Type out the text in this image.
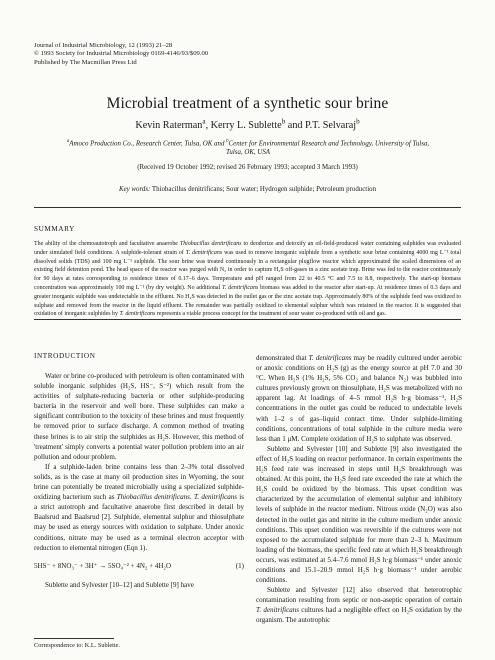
Journal of Industrial Microbiology, 12 (1993) 21–28
© 1993 Society for Industrial Microbiology 0169-4146/93/$09.00
Published by The Macmillan Press Ltd
Microbial treatment of a synthetic sour brine
Kevin Raterman$^a$, Kerry L. Sublette$^b$ and P.T. Selvaraj$^b$
$^a$Amoco Production Co., Research Center, Tulsa, OK and $^b$Center for Environmental Research and Technology, University of Tulsa,
Tulsa, OK, USA
(Received 19 October 1992; revised 26 February 1993; accepted 3 March 1993)
Key words: Thiobacillus denitrificans; Sour water; Hydrogen sulphide; Petroleum production
SUMMARY
The ability of the chemoautotroph and facultative anaerobe Thiobacillus denitrificans to deodorize and detoxify an oil-field-produced water containing sulphides was evaluated under simulated field conditions. A sulphide-tolerant strain of T. denitrificans was used to remove inorganic sulphide from a synthetic sour brine containing 4000 mg L⁻¹ total dissolved solids (TDS) and 100 mg L⁻¹ sulphide. The sour brine was treated continuously in a rectangular plugflow reactor which approximated the scaled dimensions of an existing field detention pond. The head space of the reactor was purged with N₂ in order to capture H₂S off-gases in a zinc acetate trap. Brine was fed to the reactor continuously for 90 days at rates corresponding to residence times of 0.17–6 days. Temperature and pH ranged from 22 to 40.5 °C and 7.5 to 8.8, respectively. The start-up biomass concentration was approximately 100 mg L⁻¹ (by dry weight). No additional T. denitrificans biomass was added to the reactor after start-up. At residence times of 0.3 days and greater inorganic sulphide was undetectable in the effluent. No H₂S was detected in the outlet gas or the zinc acetate trap. Approximately 80% of the sulphide feed was oxidized to sulphate and removed from the reactor in the liquid effluent. The remainder was partially oxidized to elemental sulphur which was retained in the reactor. It is suggested that oxidation of inorganic sulphides by T. denitrificans represents a viable process concept for the treatment of sour water co-produced with oil and gas.
INTRODUCTION

Water or brine co-produced with petroleum is often contaminated with soluble inorganic sulphides (H₂S, HS⁻, S⁻²) which result from the activities of sulphate-reducing bacteria or other sulphide-producing bacteria in the reservoir and well bore. These sulphides can make a significant contribution to the toxicity of these brines and must frequently be removed prior to surface discharge. A common method of treating these brines is to air strip the sulphides as H₂S. However, this method of 'treatment' simply converts a potential water pollution problem into an air pollution and odour problem.

If a sulphide-laden brine contains less than 2–3% total dissolved solids, as is the case at many oil production sites in Wyoming, the sour brine can potentially be treated microbially using a specialized sulphide-oxidizing bacterium such as Thiobacillus denitrificans. T. denitrificans is a strict autotroph and facultative anaerobe first described in detail by Baalsrud and Baalsrud [2]. Sulphide, elemental sulphur and thiosulphate may be used as energy sources with oxidation to sulphate. Under anoxic conditions, nitrate may be used as a terminal electron acceptor with reduction to elemental nitrogen (Eqn 1).

5HS⁻ + 8NO₃⁻ + 3H⁺ → 5SO₄⁻² + 4N₂ + 4H₂O	(1)

Sublette and Sylvester [10–12] and Sublette [9] have

demonstrated that T. denitrificans may be readily cultured under aerobic or anoxic conditions on H₂S (g) as the energy source at pH 7.0 and 30 °C. When H₂S (1% H₂S, 5% CO₂ and balance N₂) was bubbled into cultures previously grown on thiosulphate, H₂S was metabolized with no apparent lag. At loadings of 4–5 mmol H₂S h·g biomass⁻¹, H₂S concentrations in the outlet gas could be reduced to undectable levels with 1–2 s of gas–liquid contact time. Under sulphide-limiting conditions, concentrations of total sulphide in the culture media were less than 1 μM. Complete oxidation of H₂S to sulphate was observed.

Sublette and Sylvester [10] and Sublette [9] also investigated the effect of H₂S loading on reactor performance. In certain experiments the H₂S feed rate was increased in steps until H₂S breakthrough was obtained. At this point, the H₂S feed rate exceeded the rate at which the H₂S could be oxidized by the biomass. This upset condition was characterized by the accumulation of elemental sulphur and inhibitory levels of sulphide in the reactor medium. Nitrous oxide (N₂O) was also detected in the outlet gas and nitrite in the culture medium under anoxic conditions. This upset condition was reversible if the cultures were not exposed to the accumulated sulphide for more than 2–3 h. Maximum loading of the biomass, the specific feed rate at which H₂S breakthrough occurs, was estimated at 5.4–7.6 mmol H₂S h·g biomass⁻¹ under anoxic conditions and 15.1–20.9 mmol H₂S h·g biomass⁻¹ under aerobic conditions.

Sublette and Sylvester [12] also observed that heterotrophic contamination resulting from septic or non-aseptic operation of certain T. denitrificans cultures had a negligible effect on H₂S oxidation by the organism. The autotrophic

Correspondence to: K.L. Sublette.
